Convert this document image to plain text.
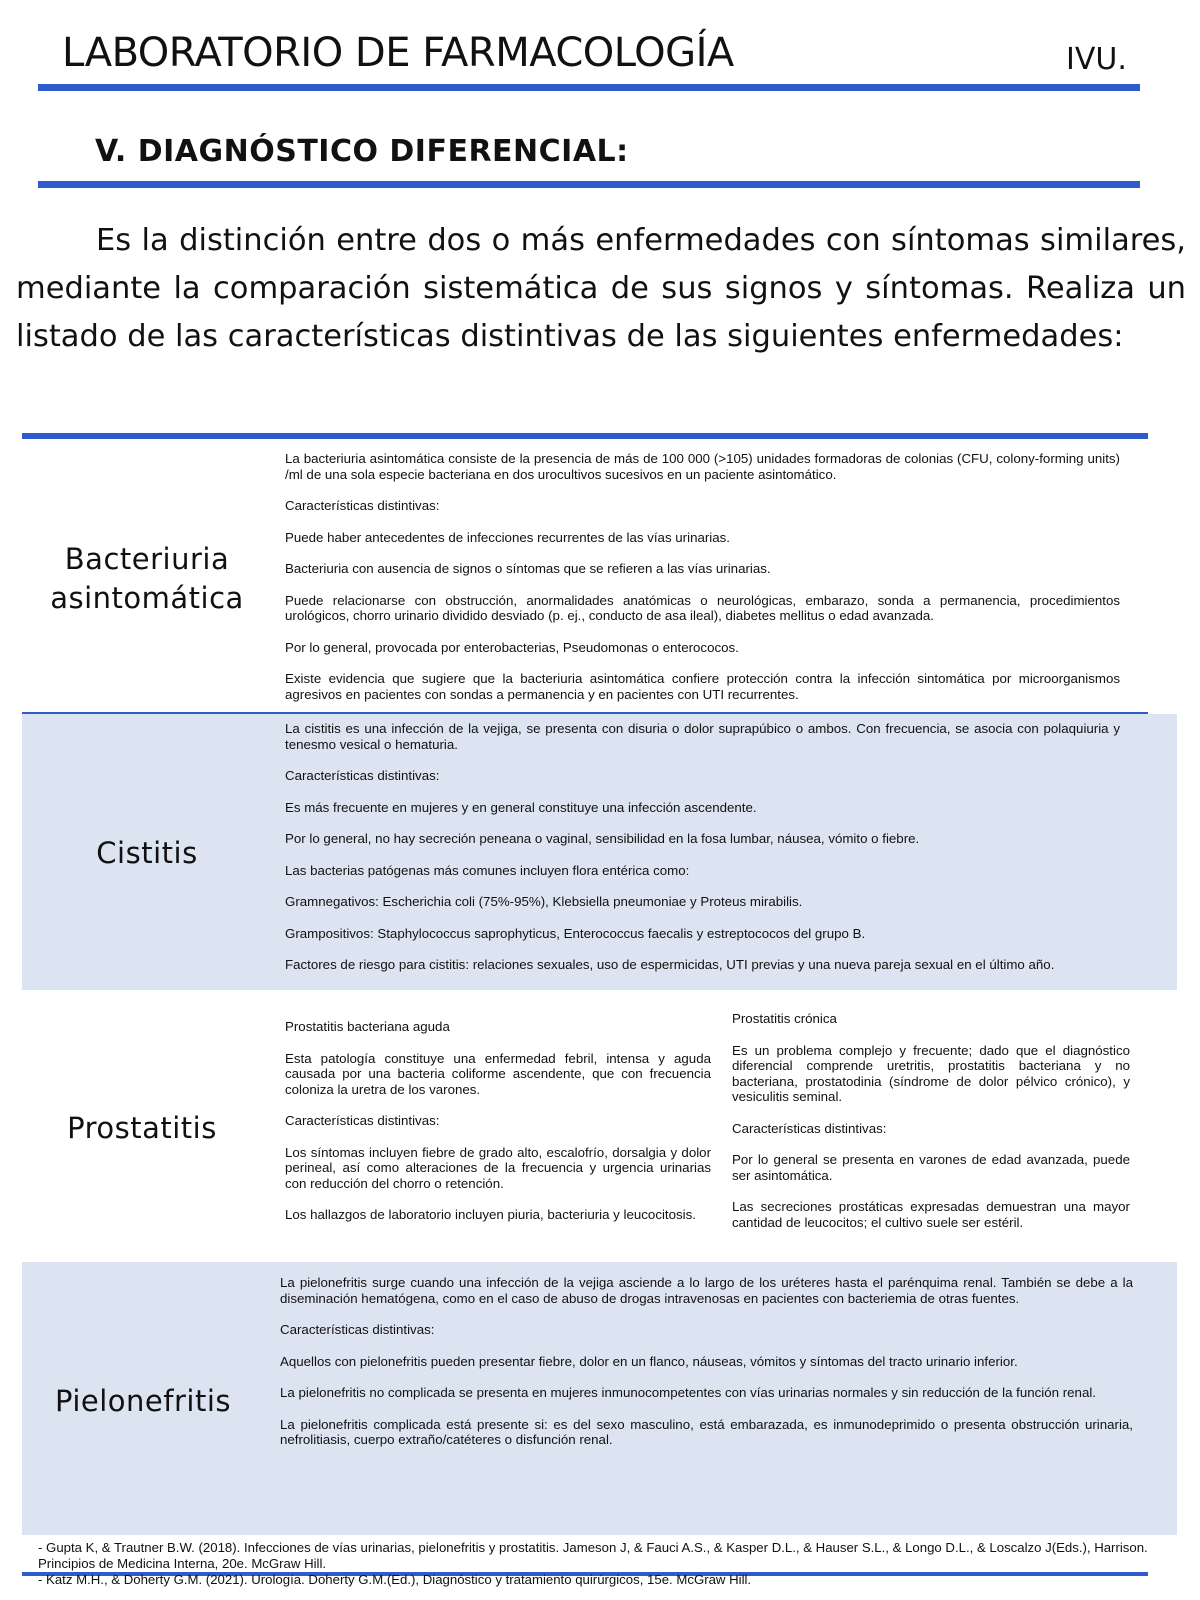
LABORATORIO DE FARMACOLOGÍA	IVU.
V. DIAGNÓSTICO DIFERENCIAL:
Es la distinción entre dos o más enfermedades con síntomas similares, mediante la comparación sistemática de sus signos y síntomas. Realiza un listado de las características distintivas de las siguientes enfermedades:
Bacteriuria
asintomática

La bacteriuria asintomática consiste de la presencia de más de 100 000 (>105) unidades formadoras de colonias (CFU, colony-forming units) /ml de una sola especie bacteriana en dos urocultivos sucesivos en un paciente asintomático.

Características distintivas:

Puede haber antecedentes de infecciones recurrentes de las vías urinarias.

Bacteriuria con ausencia de signos o síntomas que se refieren a las vías urinarias.

Puede relacionarse con obstrucción, anormalidades anatómicas o neurológicas, embarazo, sonda a permanencia, procedimientos urológicos, chorro urinario dividido desviado (p. ej., conducto de asa ileal), diabetes mellitus o edad avanzada.

Por lo general, provocada por enterobacterias, Pseudomonas o enterococos.

Existe evidencia que sugiere que la bacteriuria asintomática confiere protección contra la infección sintomática por microorganismos agresivos en pacientes con sondas a permanencia y en pacientes con UTI recurrentes.

Cistitis

La cistitis es una infección de la vejiga, se presenta con disuria o dolor suprapúbico o ambos. Con frecuencia, se asocia con polaquiuria y tenesmo vesical o hematuria.

Características distintivas:

Es más frecuente en mujeres y en general constituye una infección ascendente.

Por lo general, no hay secreción peneana o vaginal, sensibilidad en la fosa lumbar, náusea, vómito o fiebre.

Las bacterias patógenas más comunes incluyen flora entérica como:

Gramnegativos: Escherichia coli (75%-95%), Klebsiella pneumoniae y Proteus mirabilis.

Grampositivos: Staphylococcus saprophyticus, Enterococcus faecalis y estreptococos del grupo B.

Factores de riesgo para cistitis: relaciones sexuales, uso de espermicidas, UTI previas y una nueva pareja sexual en el último año.

Prostatitis

Prostatitis bacteriana aguda

Esta patología constituye una enfermedad febril, intensa y aguda causada por una bacteria coliforme ascendente, que con frecuencia coloniza la uretra de los varones.

Características distintivas:

Los síntomas incluyen fiebre de grado alto, escalofrío, dorsalgia y dolor perineal, así como alteraciones de la frecuencia y urgencia urinarias con reducción del chorro o retención.

Los hallazgos de laboratorio incluyen piuria, bacteriuria y leucocitosis.

Prostatitis crónica

Es un problema complejo y frecuente; dado que el diagnóstico diferencial comprende uretritis, prostatitis bacteriana y no bacteriana, prostatodinia (síndrome de dolor pélvico crónico), y vesiculitis seminal.

Características distintivas:

Por lo general se presenta en varones de edad avanzada, puede ser asintomática.

Las secreciones prostáticas expresadas demuestran una mayor cantidad de leucocitos; el cultivo suele ser estéril.

Pielonefritis

La pielonefritis surge cuando una infección de la vejiga asciende a lo largo de los uréteres hasta el parénquima renal. También se debe a la diseminación hematógena, como en el caso de abuso de drogas intravenosas en pacientes con bacteriemia de otras fuentes.

Características distintivas:

Aquellos con pielonefritis pueden presentar fiebre, dolor en un flanco, náuseas, vómitos y síntomas del tracto urinario inferior.

La pielonefritis no complicada se presenta en mujeres inmunocompetentes con vías urinarias normales y sin reducción de la función renal.

La pielonefritis complicada está presente si: es del sexo masculino, está embarazada, es inmunodeprimido o presenta obstrucción urinaria, nefrolitiasis, cuerpo extraño/catéteres o disfunción renal.

- Gupta K, & Trautner B.W. (2018). Infecciones de vías urinarias, pielonefritis y prostatitis. Jameson J, & Fauci A.S., & Kasper D.L., & Hauser S.L., & Longo D.L., & Loscalzo J(Eds.), Harrison. Principios de Medicina Interna, 20e. McGraw Hill.

- Katz M.H., & Doherty G.M. (2021). Urología. Doherty G.M.(Ed.), Diagnóstico y tratamiento quirúrgicos, 15e. McGraw Hill.
